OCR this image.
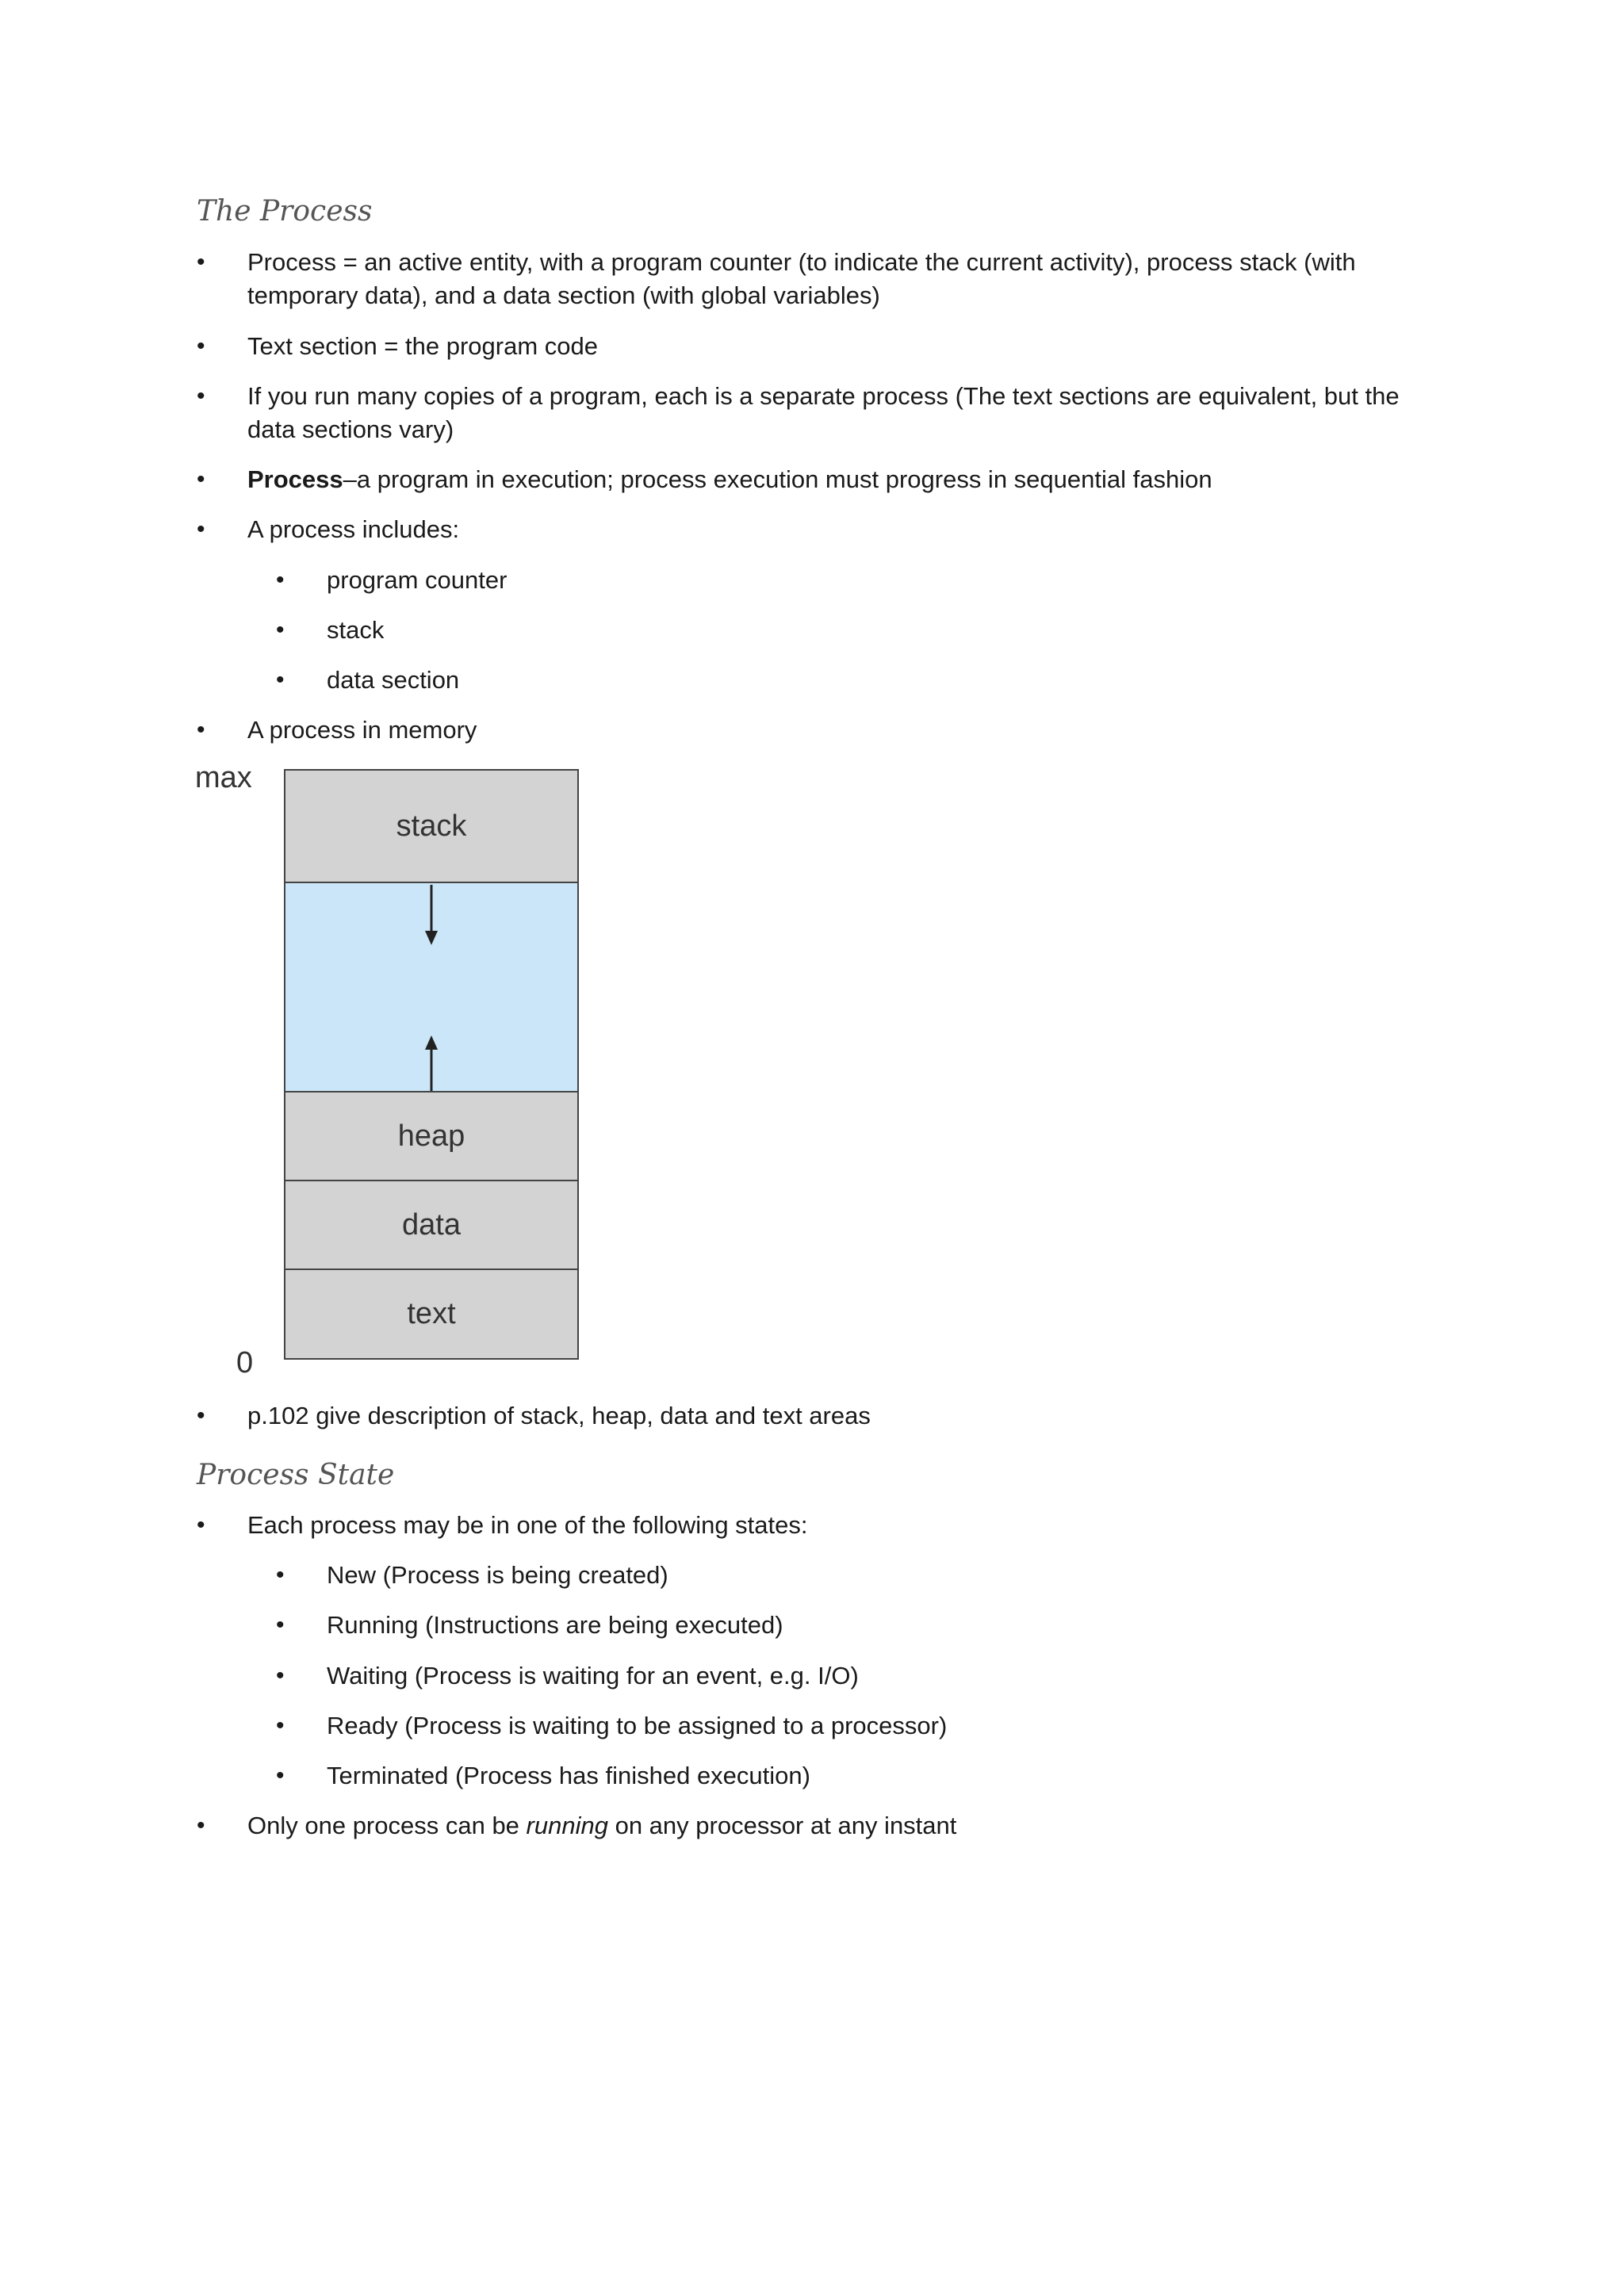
The Process
•	Process = an active entity, with a program counter (to indicate the current activity), process stack (with temporary data), and a data section (with global variables)
•	Text section = the program code
•	If you run many copies of a program, each is a separate process (The text sections are equivalent, but the data sections vary)
•	Process–a program in execution; process execution must progress in sequential fashion
•	A process includes:
•	program counter
•	stack
•	data section
•	A process in memory
max
0
stack
heap
data
text
•	p.102 give description of stack, heap, data and text areas
Process State
•	Each process may be in one of the following states:
•	New (Process is being created)
•	Running (Instructions are being executed)
•	Waiting (Process is waiting for an event, e.g. I/O)
•	Ready (Process is waiting to be assigned to a processor)
•	Terminated (Process has finished execution)
•	Only one process can be running on any processor at any instant
